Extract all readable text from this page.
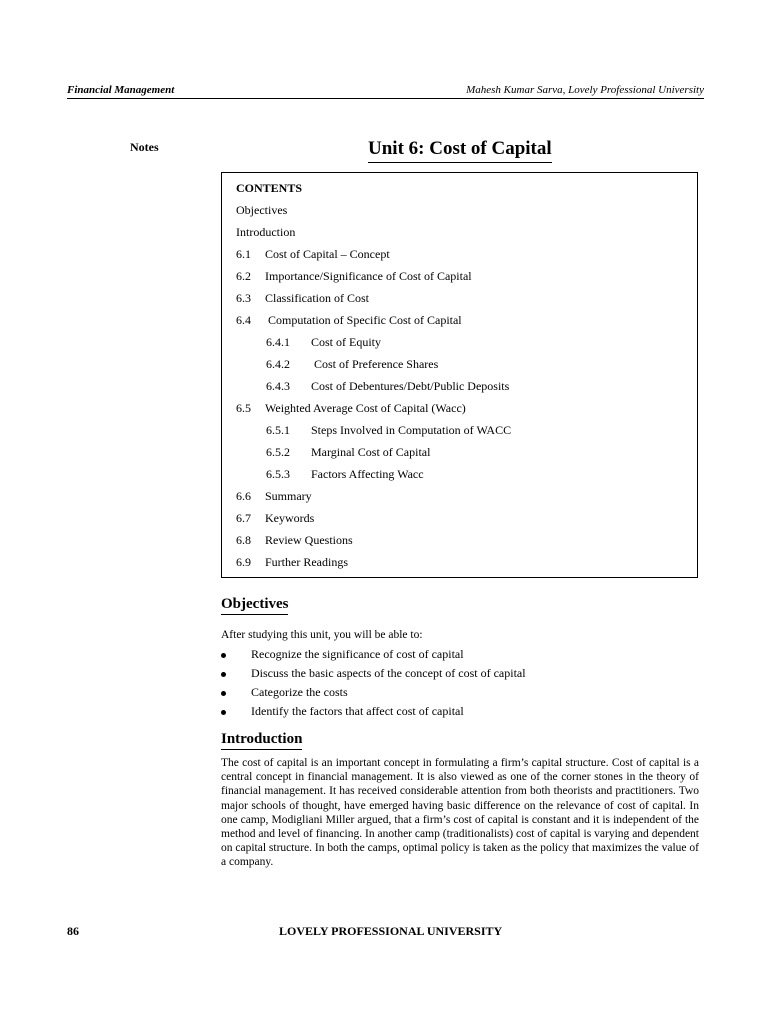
Financial Management	Mahesh Kumar Sarva, Lovely Professional University
Notes	Unit 6: Cost of Capital
CONTENTS
Objectives
Introduction
6.1 Cost of Capital – Concept
6.2 Importance/Significance of Cost of Capital
6.3 Classification of Cost
6.4 Computation of Specific Cost of Capital
6.4.1 Cost of Equity
6.4.2 Cost of Preference Shares
6.4.3 Cost of Debentures/Debt/Public Deposits
6.5 Weighted Average Cost of Capital (Wacc)
6.5.1 Steps Involved in Computation of WACC
6.5.2 Marginal Cost of Capital
6.5.3 Factors Affecting Wacc
6.6 Summary
6.7 Keywords
6.8 Review Questions
6.9 Further Readings
Objectives
After studying this unit, you will be able to:
Recognize the significance of cost of capital
Discuss the basic aspects of the concept of cost of capital
Categorize the costs
Identify the factors that affect cost of capital
Introduction
The cost of capital is an important concept in formulating a firm’s capital structure. Cost of capital is a central concept in financial management. It is also viewed as one of the corner stones in the theory of financial management. It has received considerable attention from both theorists and practitioners. Two major schools of thought, have emerged having basic difference on the relevance of cost of capital. In one camp, Modigliani Miller argued, that a firm’s cost of capital is constant and it is independent of the method and level of financing. In another camp (traditionalists) cost of capital is varying and dependent on capital structure. In both the camps, optimal policy is taken as the policy that maximizes the value of a company.
86	LOVELY PROFESSIONAL UNIVERSITY
